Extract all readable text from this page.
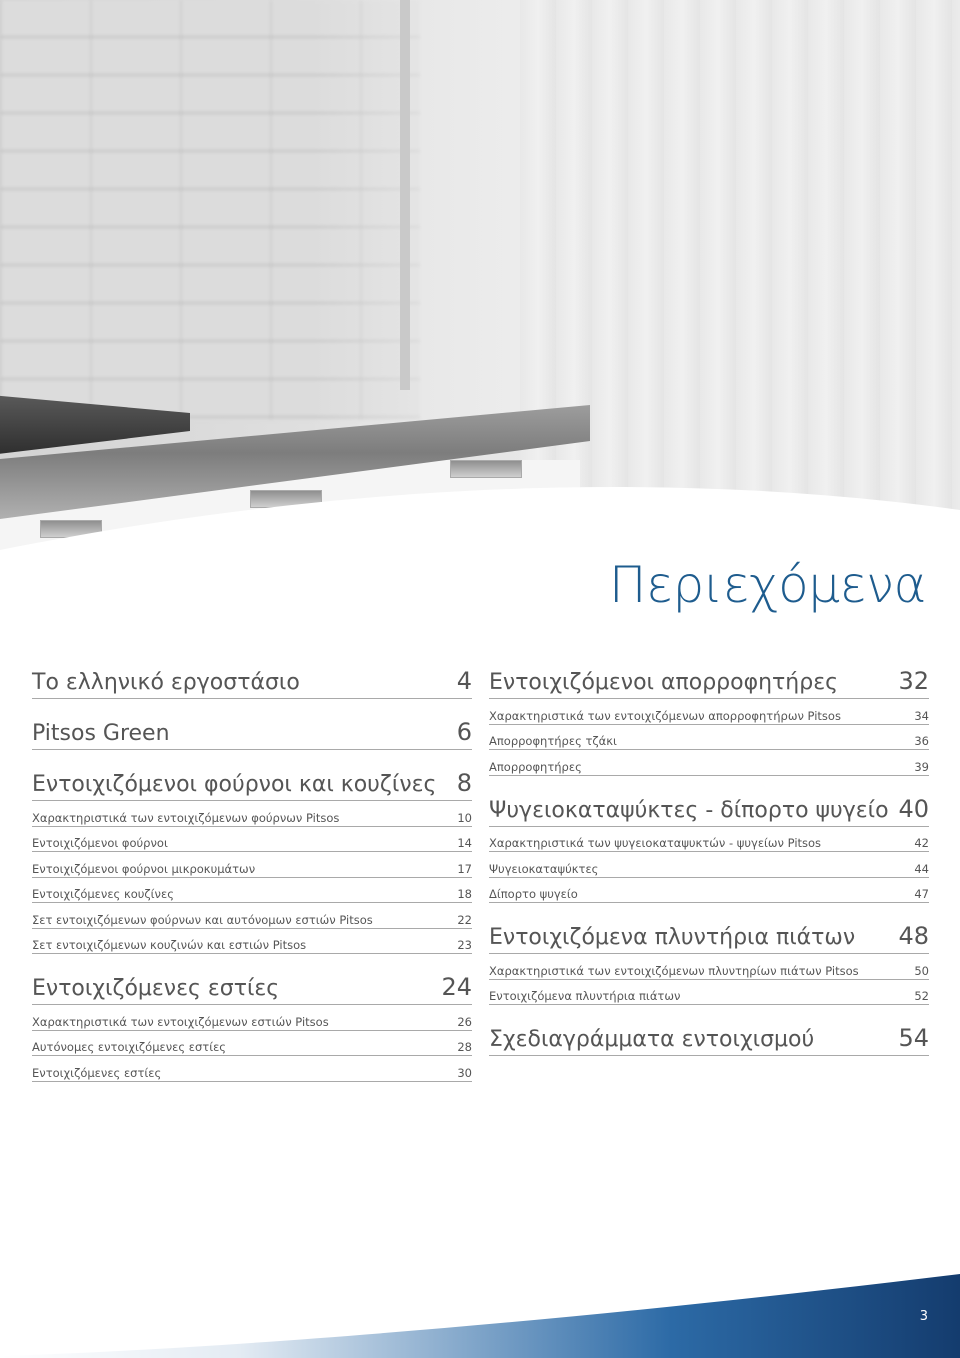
Περιεχόμενα
Το ελληνικό εργοστάσιο	4
Pitsos Green	6
Εντοιχιζόμενοι φούρνοι και κουζίνες 8
Χαρακτηριστικά των εντοιχιζόμενων φούρνων Pitsos	10
Εντοιχιζόμενοι φούρνοι	14
Εντοιχιζόμενοι φούρνοι μικροκυμάτων	17
Εντοιχιζόμενες κουζίνες	18
Σετ εντοιχιζόμενων φούρνων και αυτόνομων εστιών Pitsos	22
Σετ εντοιχιζόμενων κουζινών και εστιών Pitsos	23
Εντοιχιζόμενες εστίες	24
Χαρακτηριστικά των εντοιχιζόμενων εστιών Pitsos	26
Αυτόνομες εντοιχιζόμενες εστίες	28
Εντοιχιζόμενες εστίες	30
Εντοιχιζόμενοι απορροφητήρες	32
Χαρακτηριστικά των εντοιχιζόμενων απορροφητήρων Pitsos	34
Απορροφητήρες τζάκι	36
Απορροφητήρες	39
Ψυγειοκαταψύκτες - δίπορτο ψυγείο 40
Χαρακτηριστικά των ψυγειοκαταψυκτών - ψυγείων Pitsos	42
Ψυγειοκαταψύκτες	44
Δίπορτο ψυγείο	47
Εντοιχιζόμενα πλυντήρια πιάτων 48
Χαρακτηριστικά των εντοιχιζόμενων πλυντηρίων πιάτων Pitsos	50
Εντοιχιζόμενα πλυντήρια πιάτων	52
Σχεδιαγράμματα εντοιχισμού	54
3
